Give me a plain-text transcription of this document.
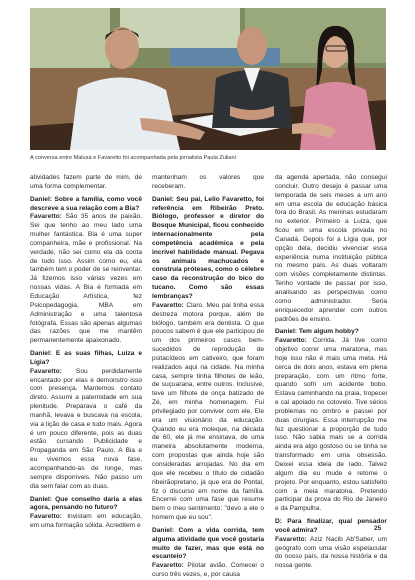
A conversa entre Malusá e Favaretto foi acompanhada pela jornalista Paula Zuliani

atividades fazem parte de mim, de uma forma complementar.

Daniel: Sobre a família, como você descreve a sua relação com a Bia?

Favaretto: São 35 anos de paixão. Sei que tenho ao meu lado uma mulher fantástica. Bia é uma super companheira, mãe e profissional. Na verdade, não sei como ela dá conta de tudo isso. Assim como eu, ela também tem o poder de se reinventar. Já fizemos isso várias vezes em nossas vidas. A Bia é formada em Educação Artística, fez Psicopedagogia, MBA em Administração e uma talentosa fotógrafa. Essas são apenas algumas das razões que me mantêm permanentemente apaixonado.

Daniel: E as suas filhas, Luiza e Lígia?

Favaretto: Sou perdidamente encantado por elas e demonstro isso com presença. Mantemos contato direto. Assumi a paternidade em sua plenitude. Preparava o café da manhã, levava e buscava na escola, via a lição de casa e tudo mais. Agora é um pouco diferente, pois as duas estão cursando Publicidade e Propaganda em São Paulo. A Bia e eu vivemos essa nova fase, acompanhando-as de longe, mas sempre disponíveis. Não passo um dia sem falar com as duas.

Daniel: Que conselho daria a elas agora, pensando no futuro?

Favaretto: Invistam em educação, em uma formação sólida. Acreditem e

mantenham os valores que receberam.

Daniel: Seu pai, Lelio Favaretto, foi referência em Ribeirão Preto. Biólogo, professor e diretor do Bosque Municipal, ficou conhecido internacionalmente pela competência acadêmica e pela incrível habilidade manual. Pegava os animais machucados e construía próteses, como o célebre caso da reconstrução do bico do tucano. Como são essas lembranças?

Favaretto: Claro. Meu pai tinha essa destreza motora porque, além de biólogo, também era dentista. O que poucos sabem é que ele participou de um dos primeiros casos bem-sucedidos de reprodução de psitacídeos em cativeiro, que foram realizados aqui na cidade. Na minha casa, sempre tinha filhotes de leão, de suçuarana, entre outros. Inclusive, teve um filhote de onça batizado de Zé, em minha homenagem. Fui privilegiado por conviver com ele. Ele era um visionário da educação. Quando eu era moleque, na década de 60, ele já me ensinava, de uma maneira absolutamente moderna, com propostas que ainda hoje são consideradas arrojadas. No dia em que ele recebeu o título de cidadão ribeirãopretano, já que era de Pontal, fiz o discurso em nome da família. Encerrei com uma fase que resume bem o meu sentimento: "devo a ele o homem que eu sou".

Daniel: Com a vida corrida, tem alguma atividade que você gostaria muito de fazer, mas que está no escanteio?

Favaretto: Pilotar avião. Comecei o curso três vezes, e, por causa

da agenda apertada, não consegui concluir. Outro desejo é passar uma temporada de seis meses a um ano em uma escola de educação básica fora do Brasil. As meninas estudaram no exterior. Primeiro a Luiza, que ficou em uma escola privada no Canadá. Depois foi a Lígia que, por opção dela, decidiu vivenciar essa experiência numa instituição pública no mesmo país. As duas voltaram com visões completamente distintas. Tenho vontade de passar por isso, analisando as perspectivas como como administrador. Seria enriquecedor aprender com outros padrões de ensino.

Daniel: Tem algum hobby?

Favaretto: Corrida. Já tive como objetivo correr uma maratona, mas hoje isso não é mais uma meta. Há cerca de dois anos, estava em plena preparação, com um ritmo forte, quando sofri um acidente bobo. Estava caminhando na praia, tropecei e caí apoiado no cotovelo. Tive sérios problemas no ombro e passei por duas cirurgias. Essa interrupção me fez questionar a proporção de tudo isso. Não sabia mais se a corrida ainda era algo gostoso ou se tinha se transformado em uma obsessão. Deixei essa ideia de lado. Talvez algum dia eu mude e retome o projeto. Por enquanto, estou satisfeito com a meia maratona. Pretendo participar da prova do Rio de Janeiro e da Pampulha.

D: Para finalizar, qual pensador você admira?

Favaretto: Aziz Nacib Ab'Saber, um geógrafo com uma visão espetacular do nosso país, da nossa história e da nossa gente.

25
